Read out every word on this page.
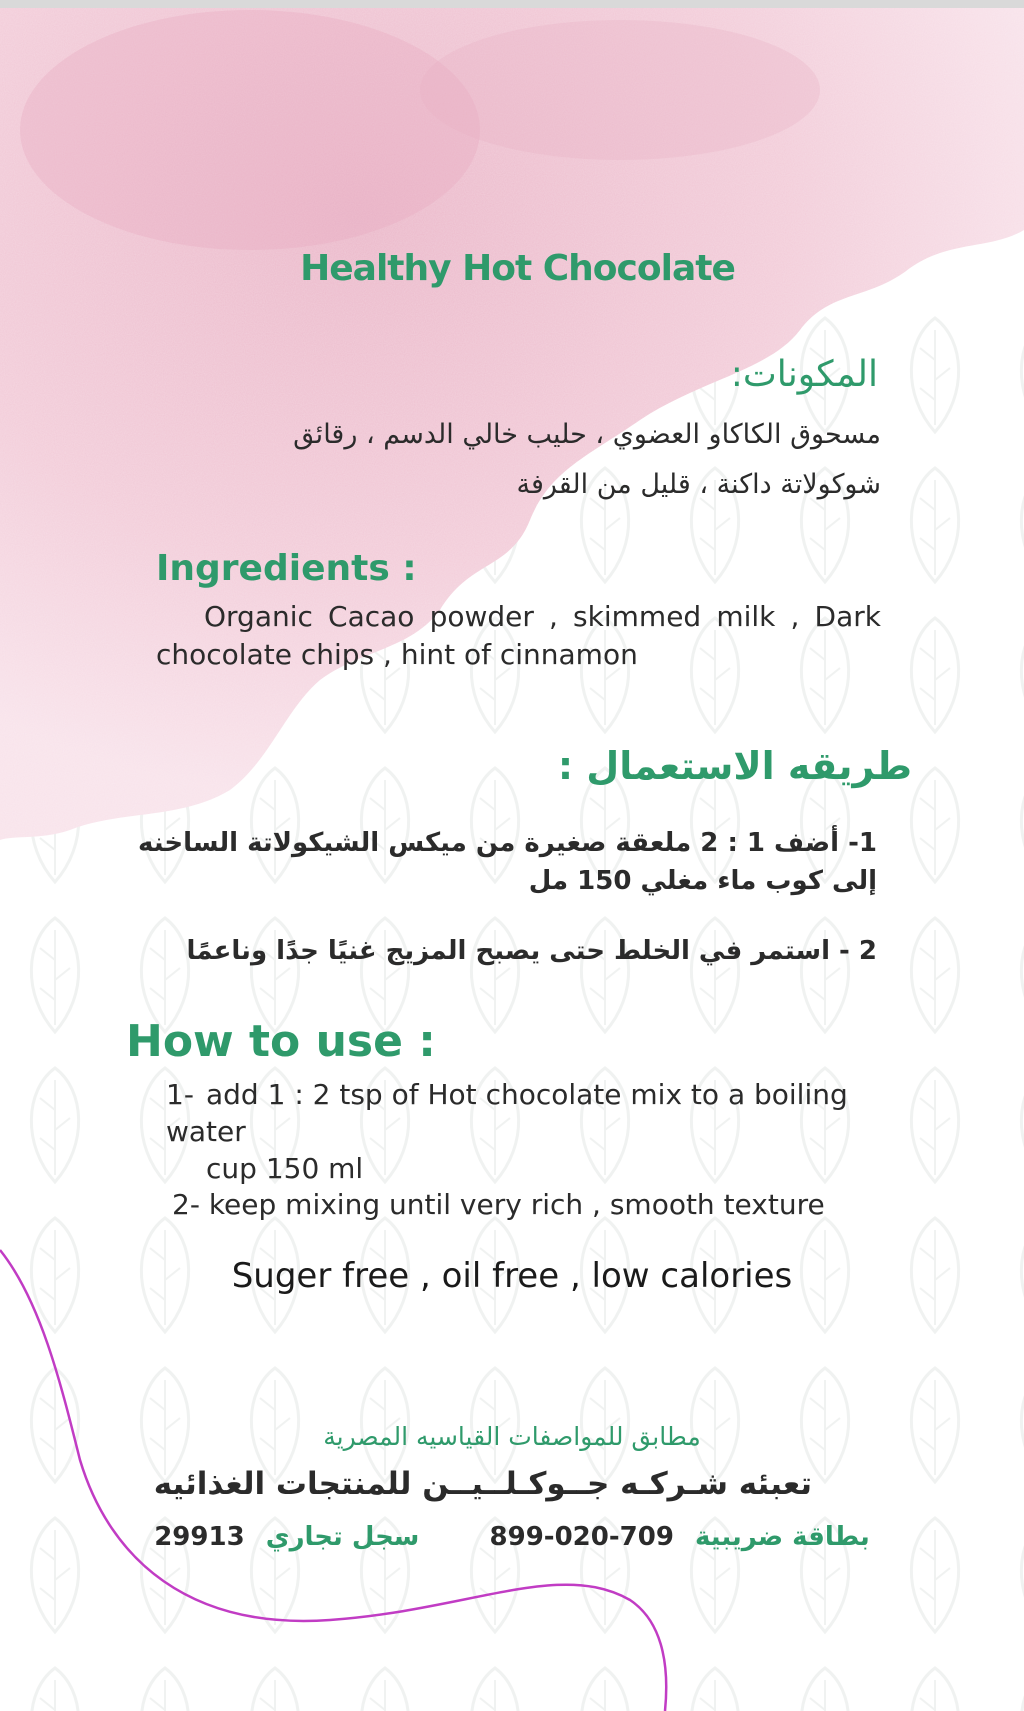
Healthy Hot Chocolate
المكونات:
مسحوق الكاكاو العضوي ، حليب خالي الدسم ، رقائق شوكولاتة داكنة ، قليل من القرفة
Ingredients :
Organic Cacao powder , skimmed milk , Dark chocolate chips , hint of cinnamon
طريقه الاستعمال :
1- أضف 1 : 2 ملعقة صغيرة من ميكس الشيكولاتة الساخنه إلى كوب ماء مغلي 150 مل
2 - استمر في الخلط حتى يصبح المزيج غنيًا جدًا وناعمًا
How to use :
1- add 1 : 2 tsp of Hot chocolate mix to a boiling water
cup 150 ml
2- keep mixing until very rich , smooth texture
Suger free , oil free , low calories
مطابق للمواصفات القياسيه المصرية
تعبئه شـركـه جــوكـلــيــن للمنتجات الغذائيه
بطاقة ضريبية 709-020-899  سجل تجاري 29913
